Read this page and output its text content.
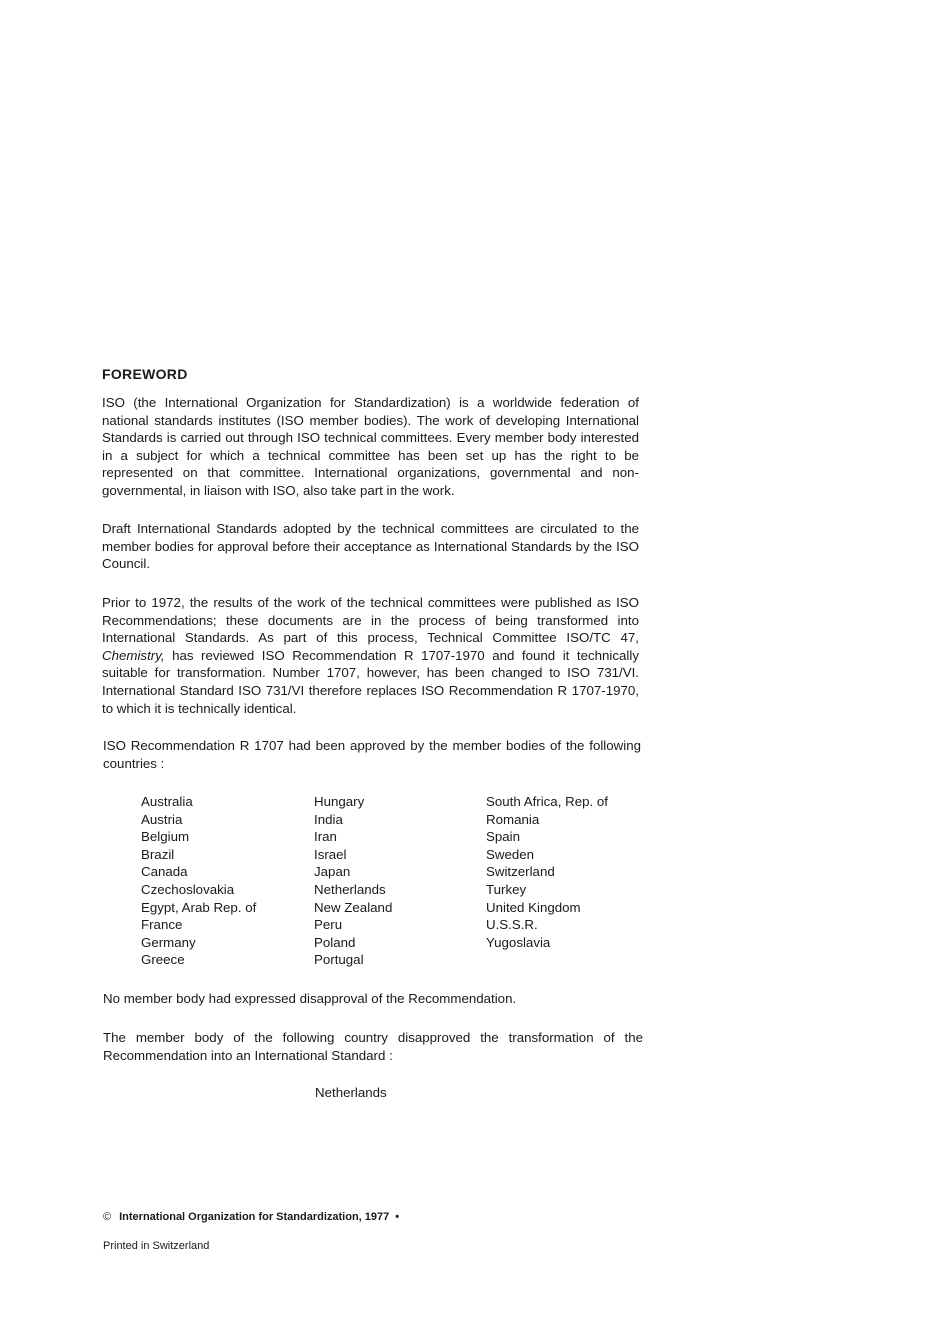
FOREWORD

ISO (the International Organization for Standardization) is a worldwide federation of national standards institutes (ISO member bodies). The work of developing International Standards is carried out through ISO technical committees. Every member body interested in a subject for which a technical committee has been set up has the right to be represented on that committee. International organizations, governmental and non-governmental, in liaison with ISO, also take part in the work.

Draft International Standards adopted by the technical committees are circulated to the member bodies for approval before their acceptance as International Standards by the ISO Council.

Prior to 1972, the results of the work of the technical committees were published as ISO Recommendations; these documents are in the process of being transformed into International Standards. As part of this process, Technical Committee ISO/TC 47, Chemistry, has reviewed ISO Recommendation R 1707-1970 and found it technically suitable for transformation. Number 1707, however, has been changed to ISO 731/VI. International Standard ISO 731/VI therefore replaces ISO Recommendation R 1707-1970, to which it is technically identical.

ISO Recommendation R 1707 had been approved by the member bodies of the following countries :

Australia
Austria
Belgium
Brazil
Canada
Czechoslovakia
Egypt, Arab Rep. of
France
Germany
Greece
Hungary
India
Iran
Israel
Japan
Netherlands
New Zealand
Peru
Poland
Portugal
South Africa, Rep. of
Romania
Spain
Sweden
Switzerland
Turkey
United Kingdom
U.S.S.R.
Yugoslavia

No member body had expressed disapproval of the Recommendation.

The member body of the following country disapproved the transformation of the Recommendation into an International Standard :

Netherlands
© International Organization for Standardization, 1977 •
Printed in Switzerland
